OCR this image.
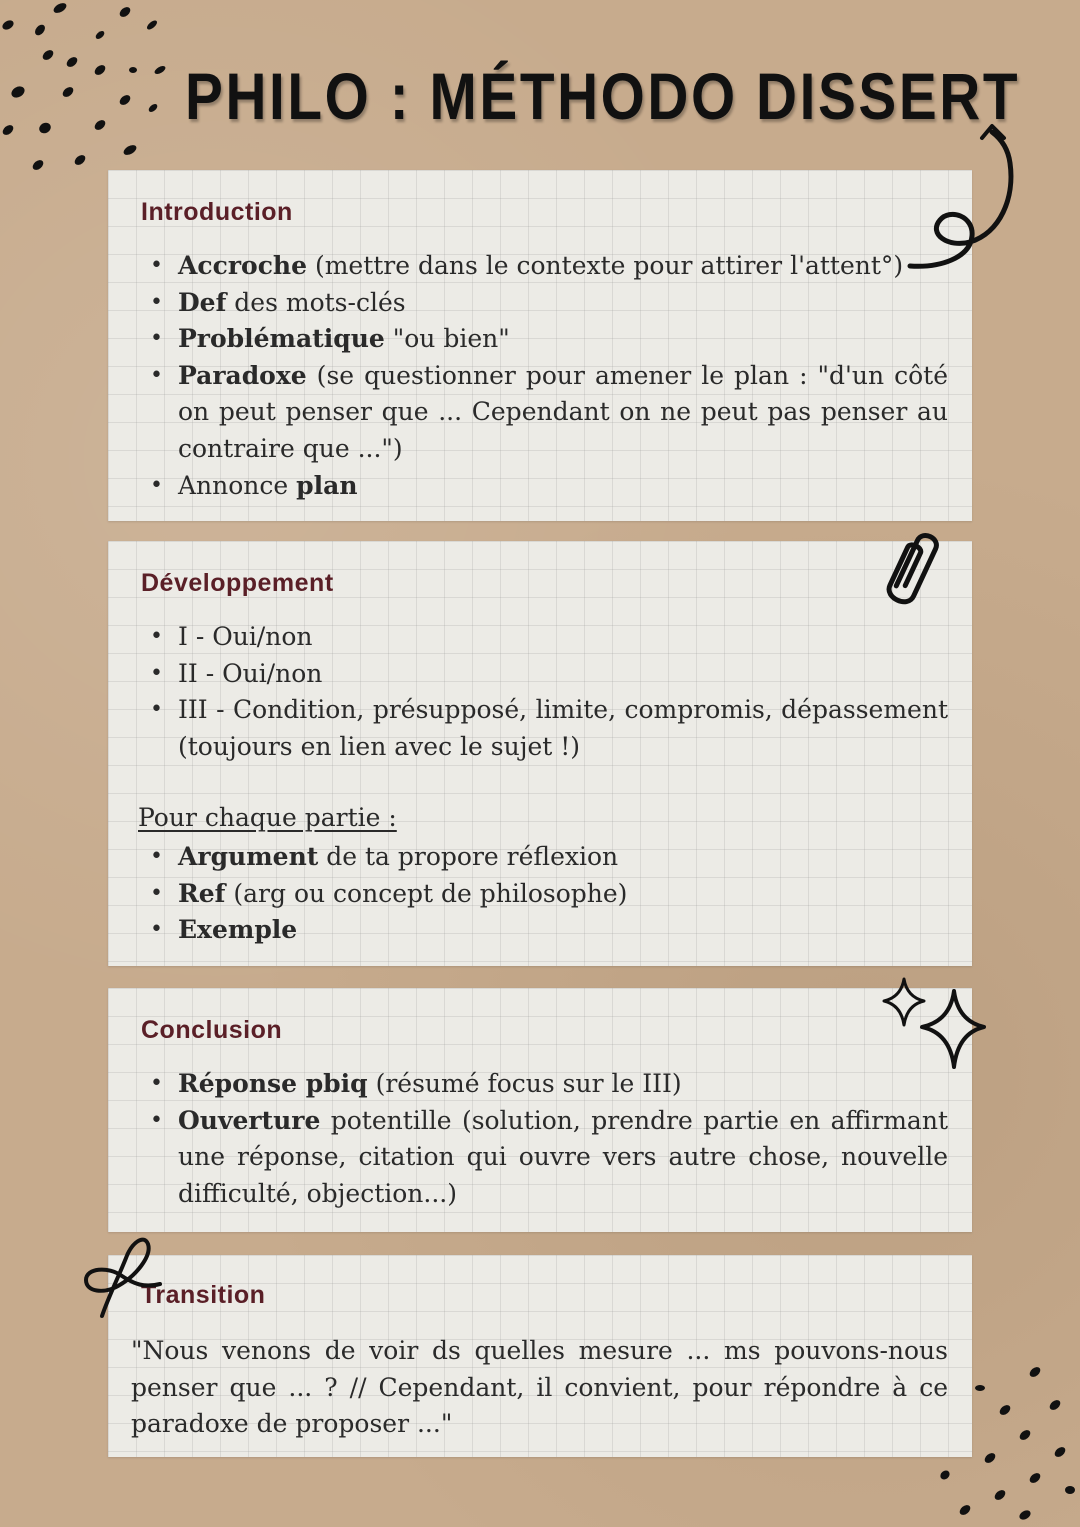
PHILO : MÉTHODO DISSERT
Introduction
• Accroche (mettre dans le contexte pour attirer l'attent°)
• Def des mots-clés
• Problématique "ou bien"
• Paradoxe (se questionner pour amener le plan : "d'un côté on peut penser que ... Cependant on ne peut pas penser au contraire que ...")
• Annonce plan
Développement
• I - Oui/non
• II - Oui/non
• III - Condition, présupposé, limite, compromis, dépassement (toujours en lien avec le sujet !)

Pour chaque partie :

• Argument de ta propore réflexion
• Ref (arg ou concept de philosophe)
• Exemple
Conclusion
• Réponse pbiq (résumé focus sur le III)
• Ouverture potentille (solution, prendre partie en affirmant une réponse, citation qui ouvre vers autre chose, nouvelle difficulté, objection...)
Transition

"Nous venons de voir ds quelles mesure ... ms pouvons-nous penser que ... ? // Cependant, il convient, pour répondre à ce paradoxe de proposer ..."
